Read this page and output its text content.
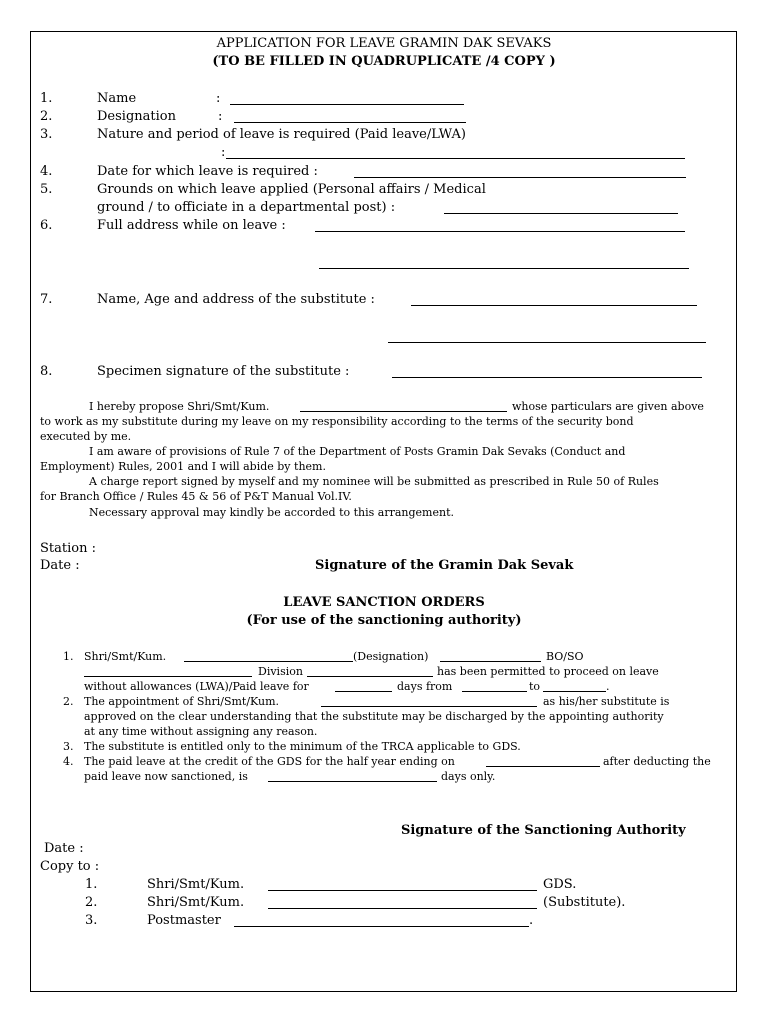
APPLICATION FOR LEAVE GRAMIN DAK SEVAKS
(TO BE FILLED IN QUADRUPLICATE /4 COPY )
1.	Name	:
2.	Designation	:
3.	Nature and period of leave is required (Paid leave/LWA)
:
4.	Date for which leave is required :
5.	Grounds on which leave applied (Personal affairs / Medical
ground / to officiate in a departmental post) :
6.	Full address while on leave :
7.	Name, Age and address of the substitute :
8.	Specimen signature of the substitute :
I hereby propose Shri/Smt/Kum.	whose particulars are given above
to work as my substitute during my leave on my responsibility according to the terms of the security bond
executed by me.
I am aware of provisions of Rule 7 of the Department of Posts Gramin Dak Sevaks (Conduct and
Employment) Rules, 2001 and I will abide by them.
A charge report signed by myself and my nominee will be submitted as prescribed in Rule 50 of Rules
for Branch Office / Rules 45 & 56 of P&T Manual Vol.IV.
Necessary approval may kindly be accorded to this arrangement.
Station :
Date :	Signature of the Gramin Dak Sevak
LEAVE SANCTION ORDERS
(For use of the sanctioning authority)
1. Shri/Smt/Kum.	(Designation)	BO/SO
Division	has been permitted to proceed on leave
without allowances (LWA)/Paid leave for	days from	to	.
2. The appointment of Shri/Smt/Kum.	as his/her substitute is
approved on the clear understanding that the substitute may be discharged by the appointing authority
at any time without assigning any reason.
3. The substitute is entitled only to the minimum of the TRCA applicable to GDS.
4. The paid leave at the credit of the GDS for the half year ending on	after deducting the
paid leave now sanctioned, is	days only.
Signature of the Sanctioning Authority
Date :
Copy to :
1.	Shri/Smt/Kum.	GDS.
2.	Shri/Smt/Kum.	(Substitute).
3.	Postmaster	.
